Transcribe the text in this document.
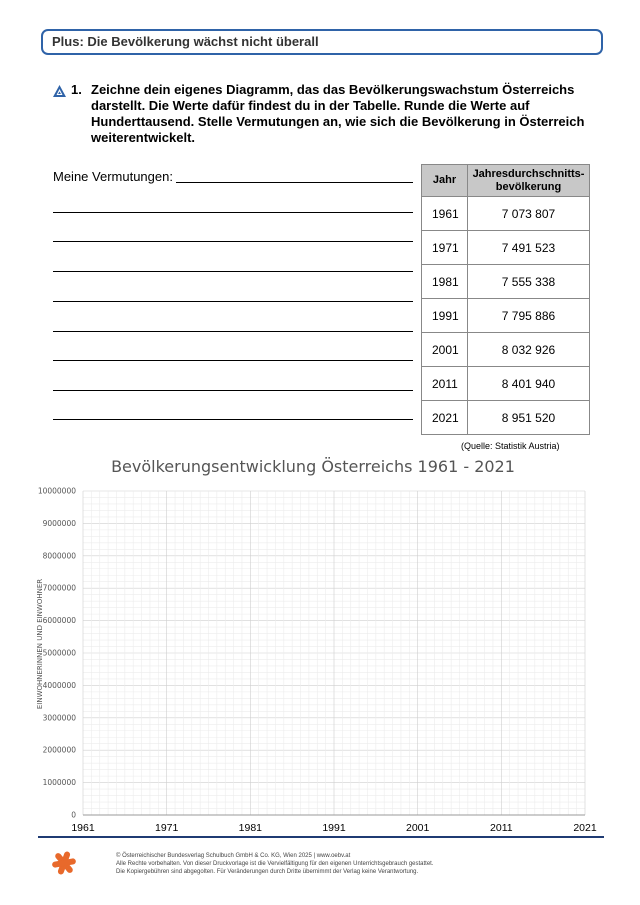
Plus: Die Bevölkerung wächst nicht überall
1. Zeichne dein eigenes Diagramm, das das Bevölkerungswachstum Österreichs darstellt. Die Werte dafür findest du in der Tabelle. Runde die Werte auf Hunderttausend. Stelle Vermutungen an, wie sich die Bevölkerung in Österreich weiterentwickelt.
Meine Vermutungen:	Jahr	Jahresdurchschnitts-bevölkerung
1961	7 073 807
1971	7 491 523
1981	7 555 338
1991	7 795 886
2001	8 032 926
2011	8 401 940
2021	8 951 520
(Quelle: Statistik Austria)
Bevölkerungsentwicklung Österreichs 1961 - 2021
EINWOHNERINNEN UND EINWOHNER
0
1000000
2000000
3000000
4000000
5000000
6000000
7000000
8000000
9000000
10000000
1961	1971	1981	1991	2001	2011	2021
© Österreichischer Bundesverlag Schulbuch GmbH & Co. KG, Wien 2025 | www.oebv.at
Alle Rechte vorbehalten. Von dieser Druckvorlage ist die Vervielfältigung für den eigenen Unterrichtsgebrauch gestattet.
Die Kopiergebühren sind abgegolten. Für Veränderungen durch Dritte übernimmt der Verlag keine Verantwortung.
